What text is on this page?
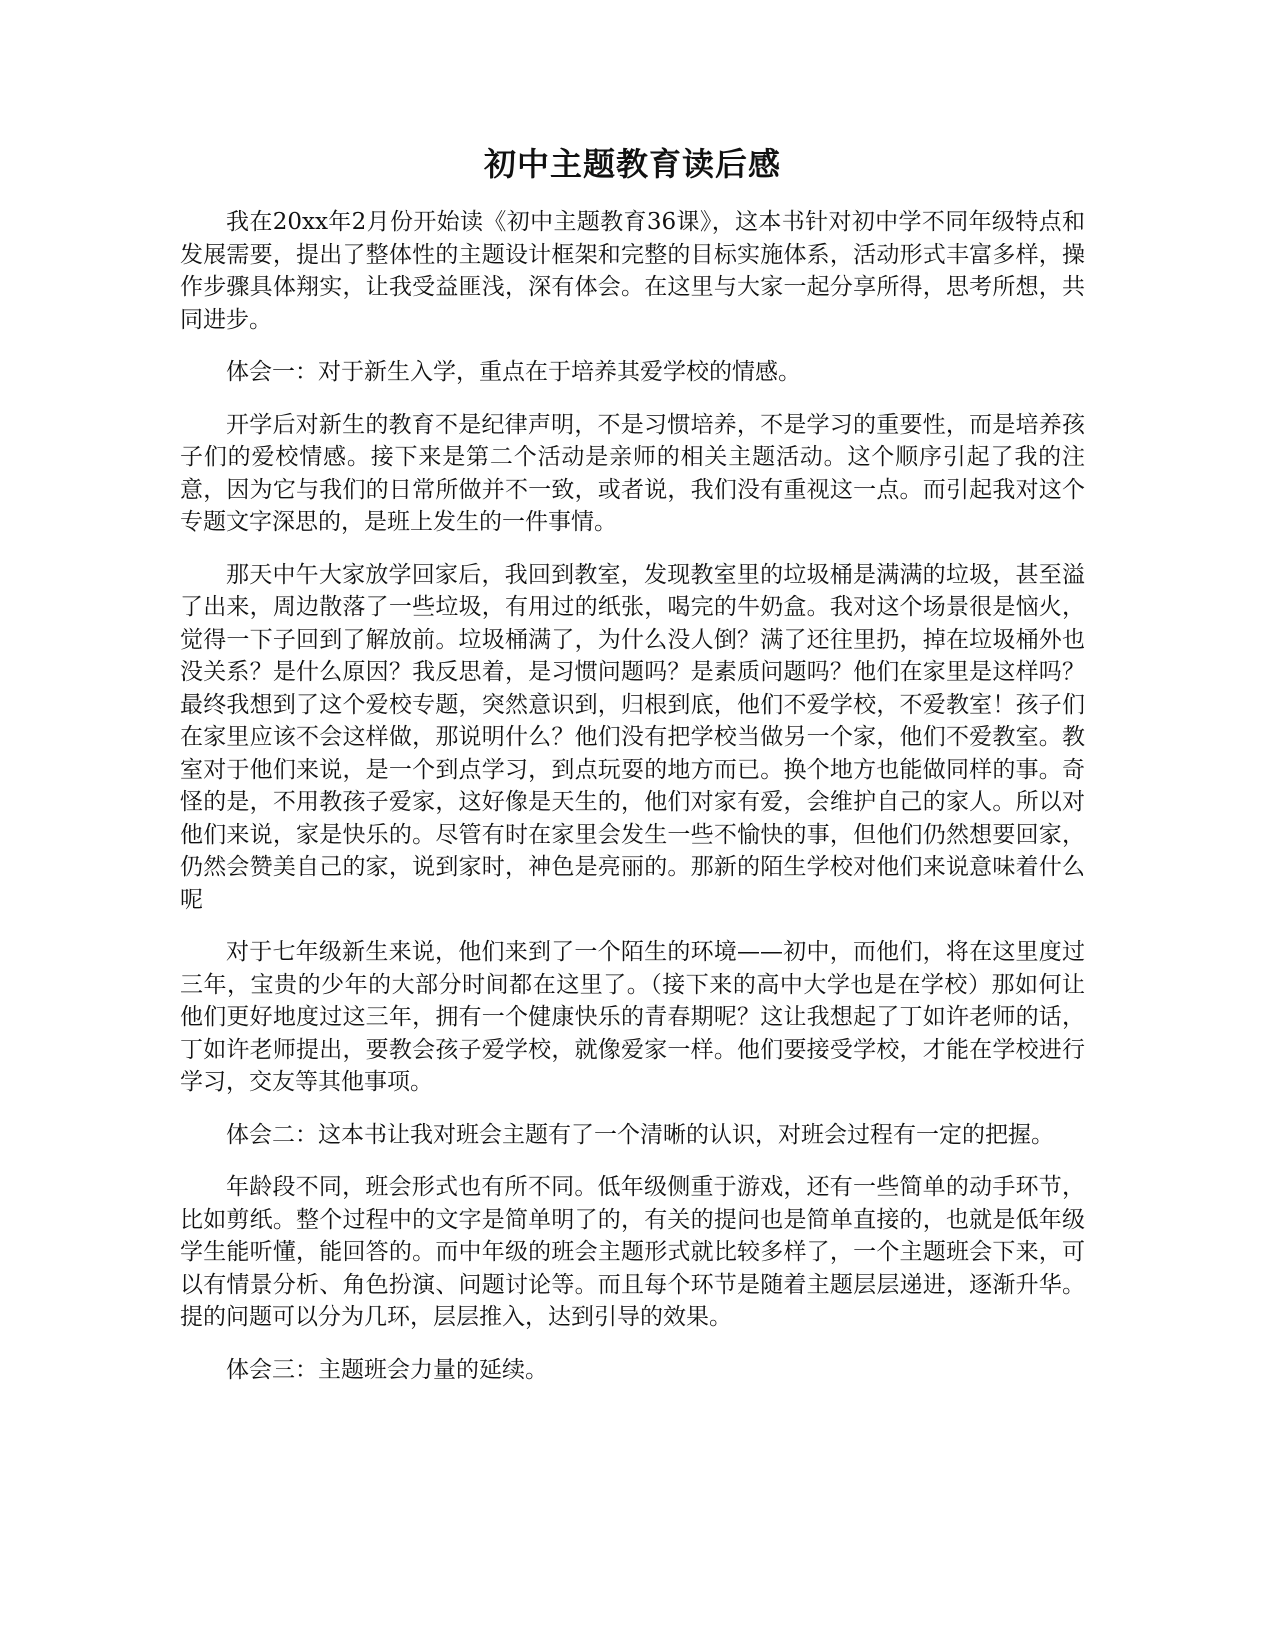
初中主题教育读后感

我在20xx年2月份开始读《初中主题教育36课》，这本书针对初中学不同年级特点和发展需要，提出了整体性的主题设计框架和完整的目标实施体系，活动形式丰富多样，操作步骤具体翔实，让我受益匪浅，深有体会。在这里与大家一起分享所得，思考所想，共同进步。

体会一：对于新生入学，重点在于培养其爱学校的情感。

开学后对新生的教育不是纪律声明，不是习惯培养，不是学习的重要性，而是培养孩子们的爱校情感。接下来是第二个活动是亲师的相关主题活动。这个顺序引起了我的注意，因为它与我们的日常所做并不一致，或者说，我们没有重视这一点。而引起我对这个专题文字深思的，是班上发生的一件事情。

那天中午大家放学回家后，我回到教室，发现教室里的垃圾桶是满满的垃圾，甚至溢了出来，周边散落了一些垃圾，有用过的纸张，喝完的牛奶盒。我对这个场景很是恼火，觉得一下子回到了解放前。垃圾桶满了，为什么没人倒？满了还往里扔，掉在垃圾桶外也没关系？是什么原因？我反思着，是习惯问题吗？是素质问题吗？他们在家里是这样吗？最终我想到了这个爱校专题，突然意识到，归根到底，他们不爱学校，不爱教室！孩子们在家里应该不会这样做，那说明什么？他们没有把学校当做另一个家，他们不爱教室。教室对于他们来说，是一个到点学习，到点玩耍的地方而已。换个地方也能做同样的事。奇怪的是，不用教孩子爱家，这好像是天生的，他们对家有爱，会维护自己的家人。所以对他们来说，家是快乐的。尽管有时在家里会发生一些不愉快的事，但他们仍然想要回家，仍然会赞美自己的家，说到家时，神色是亮丽的。那新的陌生学校对他们来说意味着什么呢

对于七年级新生来说，他们来到了一个陌生的环境——初中，而他们，将在这里度过三年，宝贵的少年的大部分时间都在这里了。（接下来的高中大学也是在学校）那如何让他们更好地度过这三年，拥有一个健康快乐的青春期呢？这让我想起了丁如许老师的话，丁如许老师提出，要教会孩子爱学校，就像爱家一样。他们要接受学校，才能在学校进行学习，交友等其他事项。

体会二：这本书让我对班会主题有了一个清晰的认识，对班会过程有一定的把握。

年龄段不同，班会形式也有所不同。低年级侧重于游戏，还有一些简单的动手环节，比如剪纸。整个过程中的文字是简单明了的，有关的提问也是简单直接的，也就是低年级学生能听懂，能回答的。而中年级的班会主题形式就比较多样了，一个主题班会下来，可以有情景分析、角色扮演、问题讨论等。而且每个环节是随着主题层层递进，逐渐升华。提的问题可以分为几环，层层推入，达到引导的效果。

体会三：主题班会力量的延续。
